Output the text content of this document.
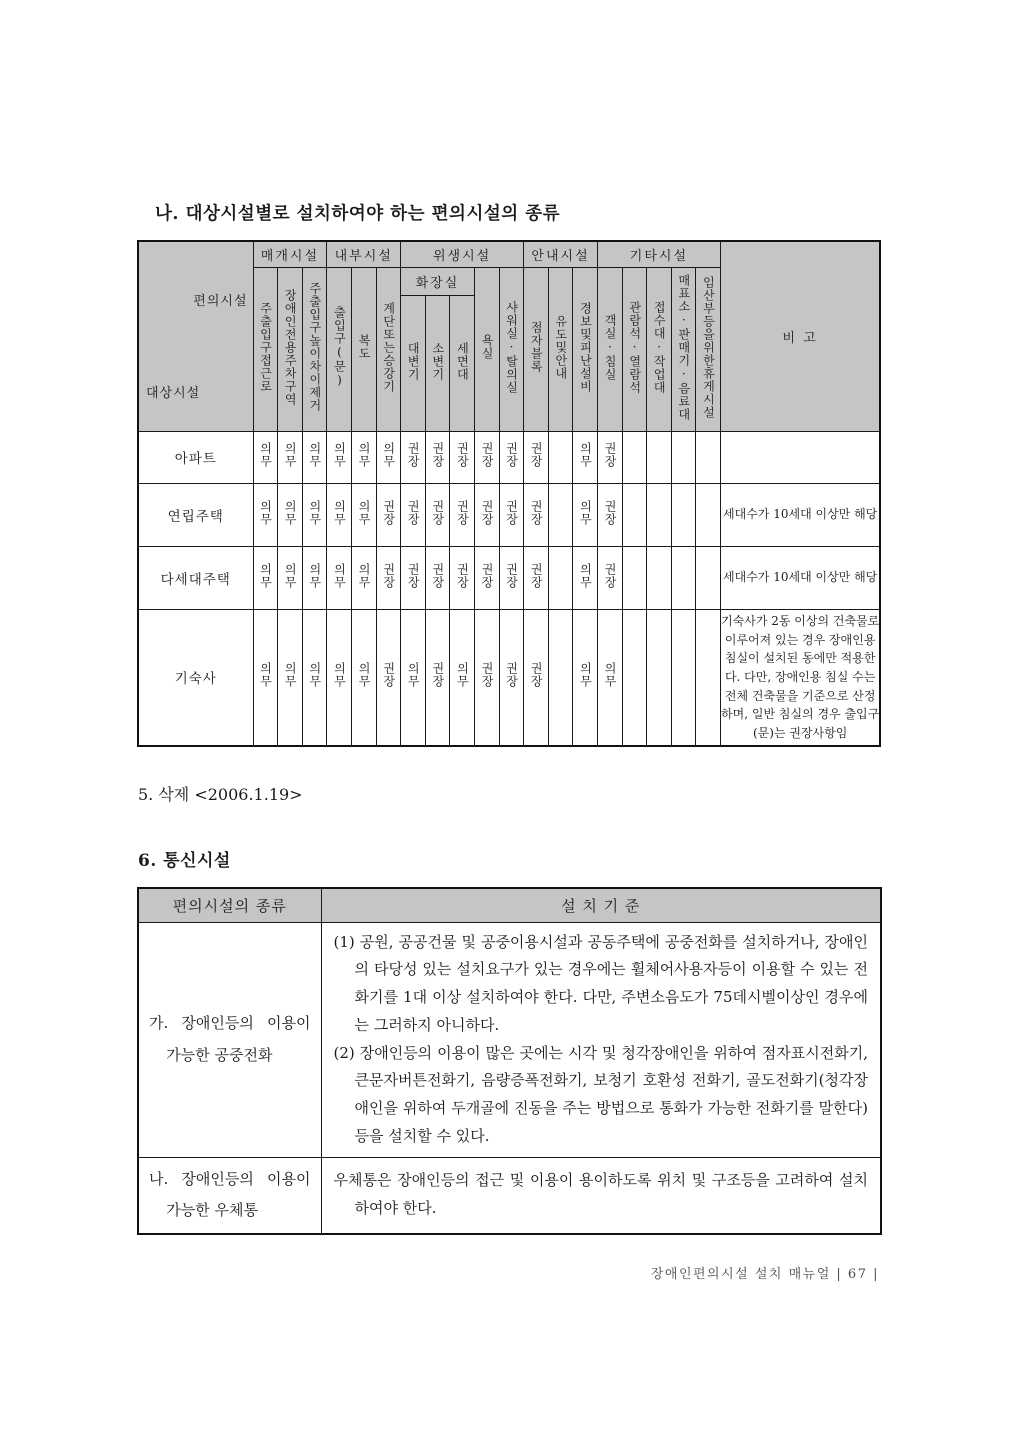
나. 대상시설별로 설치하여야 하는 편의시설의 종류
편의시설
대상시설	매개시설			내부시설			위생시설					안내시설			기타시설					비 고
	주출입구접근로	장애인전용주차구역	주출입구높이차이제거	출입구(문)	복도	계단또는승강기	화장실			욕실	샤워실·탈의실	점자블록	유도및안내	경보및피난설비	객실·침실	관람석·열람석	접수대·작업대	매표소·판매기·음료대	임산부등을위한휴게시설	
							대변기	소변기	세면대											
아파트	의무	의무	의무	의무	의무	의무	권장	권장	권장	권장	권장	권장		의무	권장					
연립주택	의무	의무	의무	의무	의무	권장	권장	권장	권장	권장	권장	권장		의무	권장					세대수가 10세대 이상만 해당
다세대주택	의무	의무	의무	의무	의무	권장	권장	권장	권장	권장	권장	권장		의무	권장					세대수가 10세대 이상만 해당
기숙사	의무	의무	의무	의무	의무	권장	의무	권장	의무	권장	권장	권장		의무	의무					기숙사가 2동 이상의 건축물로 이루어져 있는 경우 장애인용 침실이 설치된 동에만 적용한다. 다만, 장애인용 침실 수는 전체 건축물을 기준으로 산정하며, 일반 침실의 경우 출입구(문)는 권장사항임

5. 삭제 <2006.1.19>

6. 통신시설
편의시설의 종류	설 치 기 준

가. 장애인등의 이용이 가능한 공중전화	(1) 공원, 공공건물 및 공중이용시설과 공동주택에 공중전화를 설치하거나, 장애인의 타당성 있는 설치요구가 있는 경우에는 휠체어사용자등이 이용할 수 있는 전화기를 1대 이상 설치하여야 한다. 다만, 주변소음도가 75데시벨이상인 경우에는 그러하지 아니하다.

(2) 장애인등의 이용이 많은 곳에는 시각 및 청각장애인을 위하여 점자표시전화기, 큰문자버튼전화기, 음량증폭전화기, 보청기 호환성 전화기, 골도전화기(청각장애인을 위하여 두개골에 진동을 주는 방법으로 통화가 가능한 전화기를 말한다)등을 설치할 수 있다.

나. 장애인등의 이용이 가능한 우체통	우체통은 장애인등의 접근 및 이용이 용이하도록 위치 및 구조등을 고려하여 설치하여야 한다.

장애인편의시설 설치 매뉴얼 | 67 |
